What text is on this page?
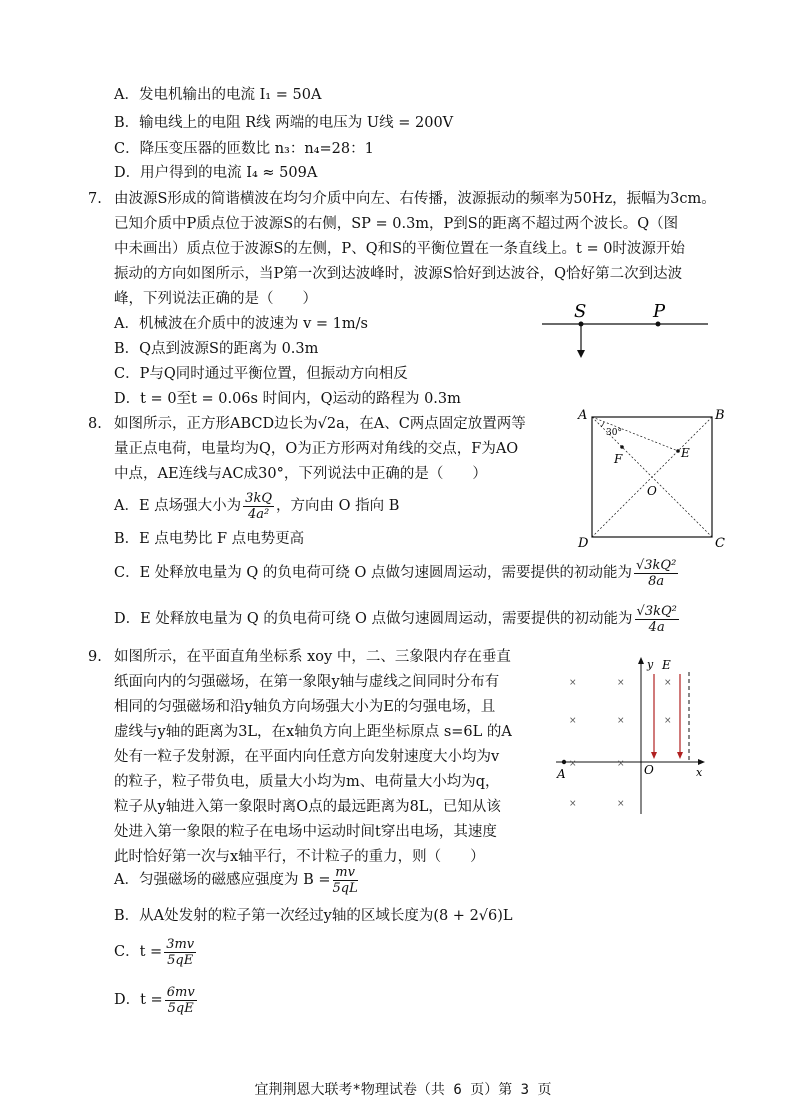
A．发电机输出的电流 I₁ = 50A
B．输电线上的电阻 R线 两端的电压为 U线 = 200V
C．降压变压器的匝数比 n₃：n₄=28：1
D．用户得到的电流 I₄ ≈ 509A
7. 由波源S形成的简谐横波在均匀介质中向左、右传播，波源振动的频率为50Hz，振幅为3cm。
已知介质中P质点位于波源S的右侧，SP = 0.3m，P到S的距离不超过两个波长。Q（图
中未画出）质点位于波源S的左侧，P、Q和S的平衡位置在一条直线上。t = 0时波源开始
振动的方向如图所示，当P第一次到达波峰时，波源S恰好到达波谷，Q恰好第二次到达波
峰，下列说法正确的是（　　）
A．机械波在介质中的波速为 v = 1m/s
B．Q点到波源S的距离为 0.3m
C．P与Q同时通过平衡位置，但振动方向相反
D．t = 0至t = 0.06s 时间内，Q运动的路程为 0.3m
S	P
8. 如图所示，正方形ABCD边长为√2a，在A、C两点固定放置两等
量正点电荷，电量均为Q，O为正方形两对角线的交点，F为AO
中点，AE连线与AC成30°，下列说法中正确的是（　　）
A．E 点场强大小为 $\frac{3kQ}{\text{4a²}}$ ，方向由 O 指向 B
B．E 点电势比 F 点电势更高
C．E 处释放电量为 Q 的负电荷可绕 O 点做匀速圆周运动，需要提供的初动能为 $\frac{\text{√3kQ²}}{8a}$
D．E 处释放电量为 Q 的负电荷可绕 O 点做匀速圆周运动，需要提供的初动能为 $\frac{\text{√3kQ²}}{4a}$
A	B
C
D
E
F
O
30°
9. 如图所示，在平面直角坐标系 xoy 中，二、三象限内存在垂直
纸面向内的匀强磁场，在第一象限y轴与虚线之间同时分布有
相同的匀强磁场和沿y轴负方向场强大小为E的匀强电场，且
虚线与y轴的距离为3L，在x轴负方向上距坐标原点 s=6L 的A
处有一粒子发射源，在平面内向任意方向发射速度大小均为v
的粒子，粒子带负电，质量大小均为m、电荷量大小均为q，
粒子从y轴进入第一象限时离O点的最远距离为8L，已知从该
处进入第一象限的粒子在电场中运动时间t穿出电场，其速度
此时恰好第一次与x轴平行，不计粒子的重力，则（　　）
A．匀强磁场的磁感应强度为 $B = \frac{mv}{5qL}$
B．从A处发射的粒子第一次经过y轴的区域长度为(8 + 2√6)L
C．$t = \frac{3mv}{5qE}$
D．$t = \frac{6mv}{5qE}$
×	×	×
×	×	×
×	×
×	×
A	O	x
y E
宜荆荆恩大联考*物理试卷（共 6 页）第 3 页
